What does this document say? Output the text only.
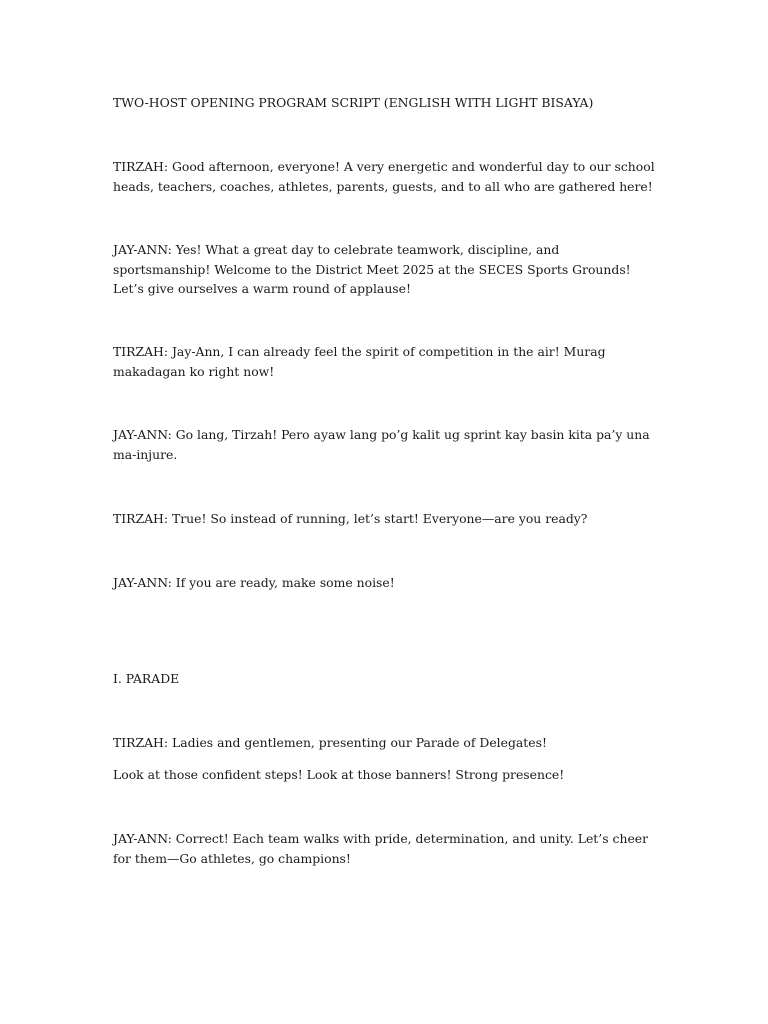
TWO-HOST OPENING PROGRAM SCRIPT (ENGLISH WITH LIGHT BISAYA)

TIRZAH: Good afternoon, everyone! A very energetic and wonderful day to our school heads, teachers, coaches, athletes, parents, guests, and to all who are gathered here!

JAY-ANN: Yes! What a great day to celebrate teamwork, discipline, and sportsmanship! Welcome to the District Meet 2025 at the SECES Sports Grounds! Let’s give ourselves a warm round of applause!

TIRZAH: Jay-Ann, I can already feel the spirit of competition in the air! Murag makadagan ko right now!

JAY-ANN: Go lang, Tirzah! Pero ayaw lang po’g kalit ug sprint kay basin kita pa’y una ma-injure.

TIRZAH: True! So instead of running, let’s start! Everyone—are you ready?

JAY-ANN: If you are ready, make some noise!

I. PARADE

TIRZAH: Ladies and gentlemen, presenting our Parade of Delegates!

Look at those confident steps! Look at those banners! Strong presence!

JAY-ANN: Correct! Each team walks with pride, determination, and unity. Let’s cheer for them—Go athletes, go champions!
